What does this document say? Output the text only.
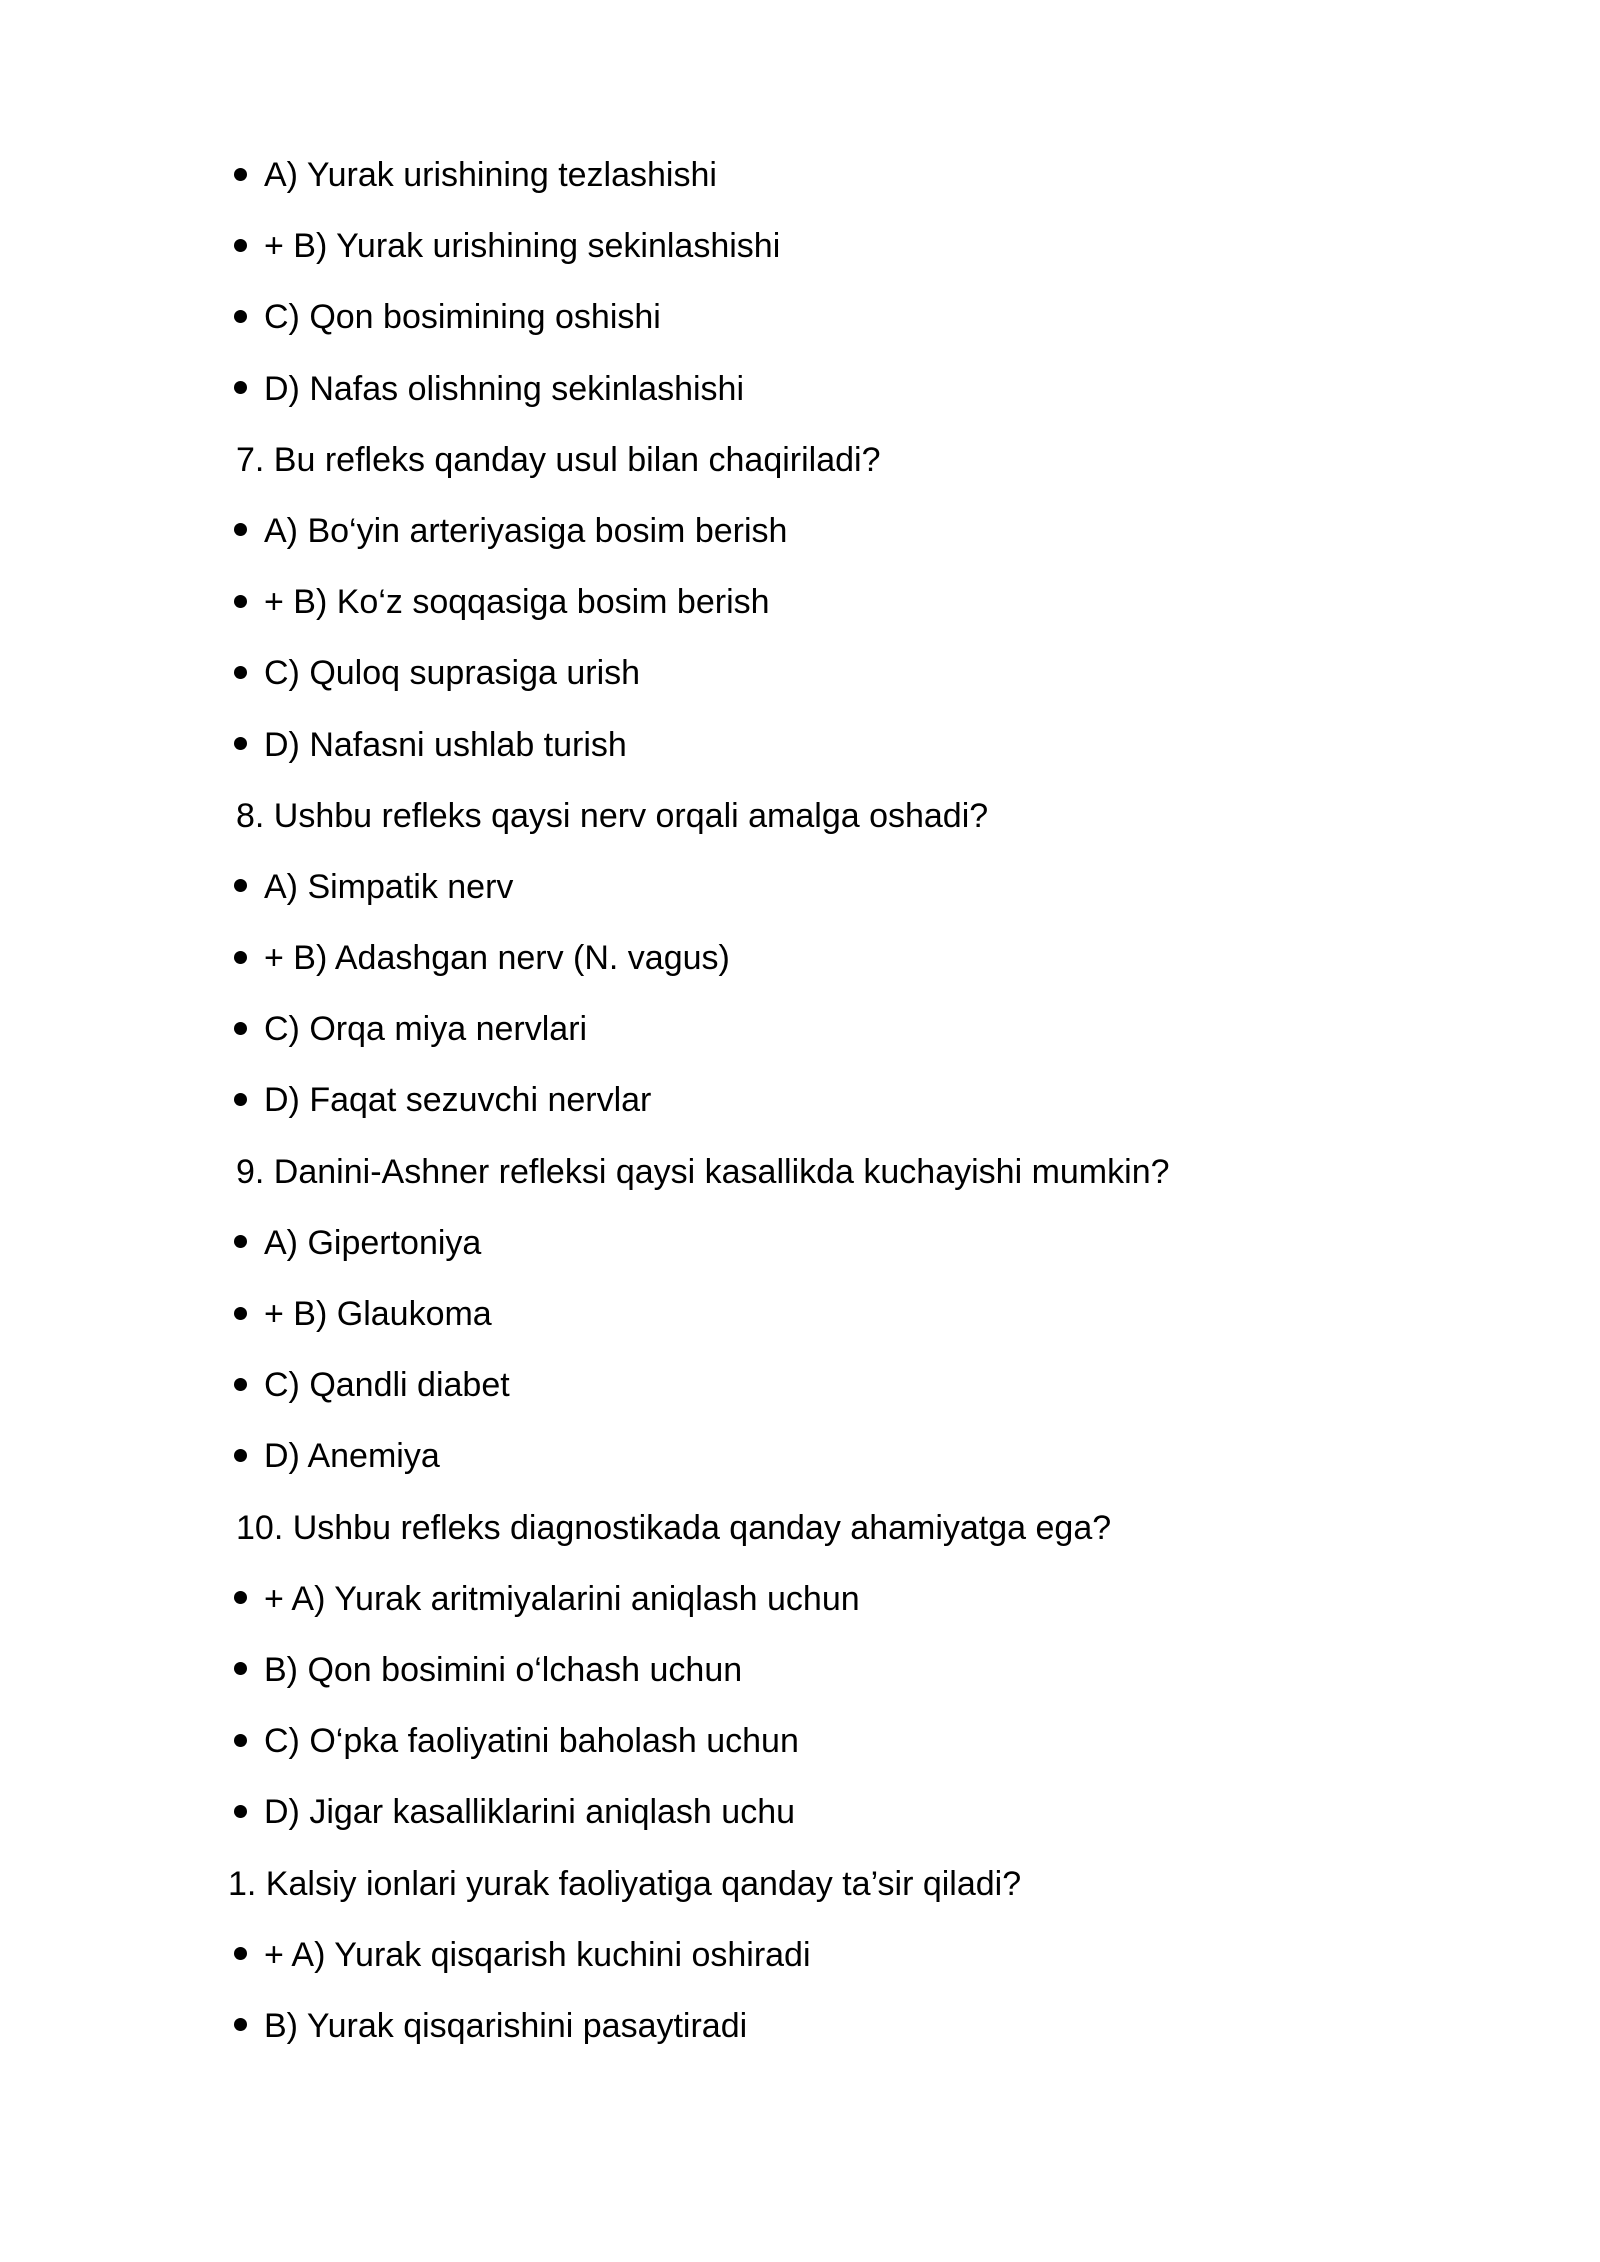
A) Yurak urishining tezlashishi
+ B) Yurak urishining sekinlashishi
C) Qon bosimining oshishi
D) Nafas olishning sekinlashishi
7. Bu refleks qanday usul bilan chaqiriladi?
A) Bo‘yin arteriyasiga bosim berish
+ B) Ko‘z soqqasiga bosim berish
C) Quloq suprasiga urish
D) Nafasni ushlab turish
8. Ushbu refleks qaysi nerv orqali amalga oshadi?
A) Simpatik nerv
+ B) Adashgan nerv (N. vagus)
C) Orqa miya nervlari
D) Faqat sezuvchi nervlar
9. Danini-Ashner refleksi qaysi kasallikda kuchayishi mumkin?
A) Gipertoniya
+ B) Glaukoma
C) Qandli diabet
D) Anemiya
10. Ushbu refleks diagnostikada qanday ahamiyatga ega?
+ A) Yurak aritmiyalarini aniqlash uchun
B) Qon bosimini o‘lchash uchun
C) O‘pka faoliyatini baholash uchun
D) Jigar kasalliklarini aniqlash uchu
1. Kalsiy ionlari yurak faoliyatiga qanday ta’sir qiladi?
+ A) Yurak qisqarish kuchini oshiradi
B) Yurak qisqarishini pasaytiradi
